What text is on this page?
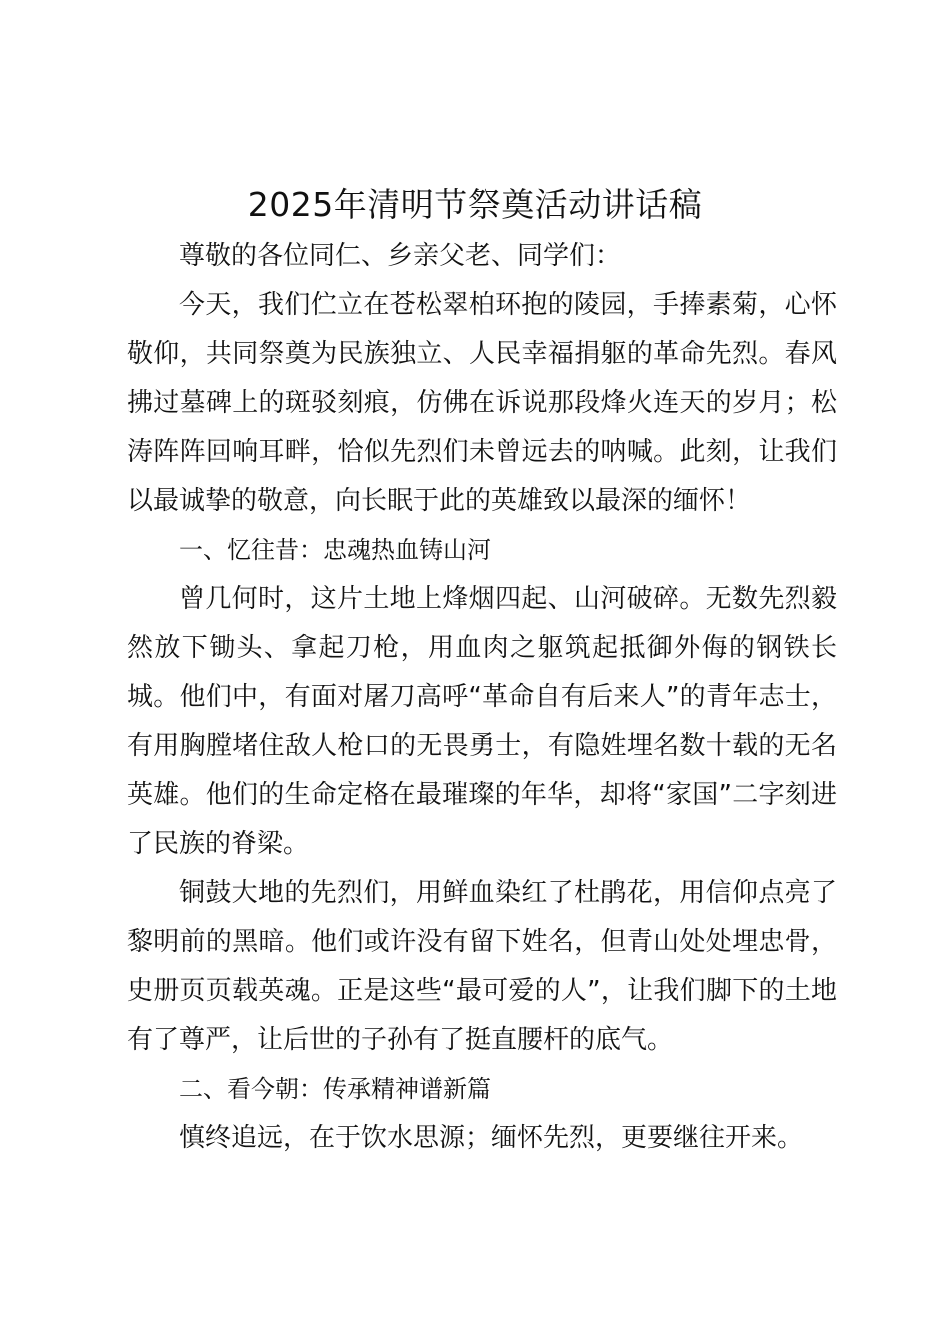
2025年清明节祭奠活动讲话稿

尊敬的各位同仁、乡亲父老、同学们：

今天，我们伫立在苍松翠柏环抱的陵园，手捧素菊，心怀敬仰，共同祭奠为民族独立、人民幸福捐躯的革命先烈。春风拂过墓碑上的斑驳刻痕，仿佛在诉说那段烽火连天的岁月；松涛阵阵回响耳畔，恰似先烈们未曾远去的呐喊。此刻，让我们以最诚挚的敬意，向长眠于此的英雄致以最深的缅怀！

一、忆往昔：忠魂热血铸山河

曾几何时，这片土地上烽烟四起、山河破碎。无数先烈毅然放下锄头、拿起刀枪，用血肉之躯筑起抵御外侮的钢铁长城。他们中，有面对屠刀高呼“革命自有后来人”的青年志士，有用胸膛堵住敌人枪口的无畏勇士，有隐姓埋名数十载的无名英雄。他们的生命定格在最璀璨的年华，却将“家国”二字刻进了民族的脊梁。

铜鼓大地的先烈们，用鲜血染红了杜鹃花，用信仰点亮了黎明前的黑暗。他们或许没有留下姓名，但青山处处埋忠骨，史册页页载英魂。正是这些“最可爱的人”，让我们脚下的土地有了尊严，让后世的子孙有了挺直腰杆的底气。

二、看今朝：传承精神谱新篇

慎终追远，在于饮水思源；缅怀先烈，更要继往开来。
